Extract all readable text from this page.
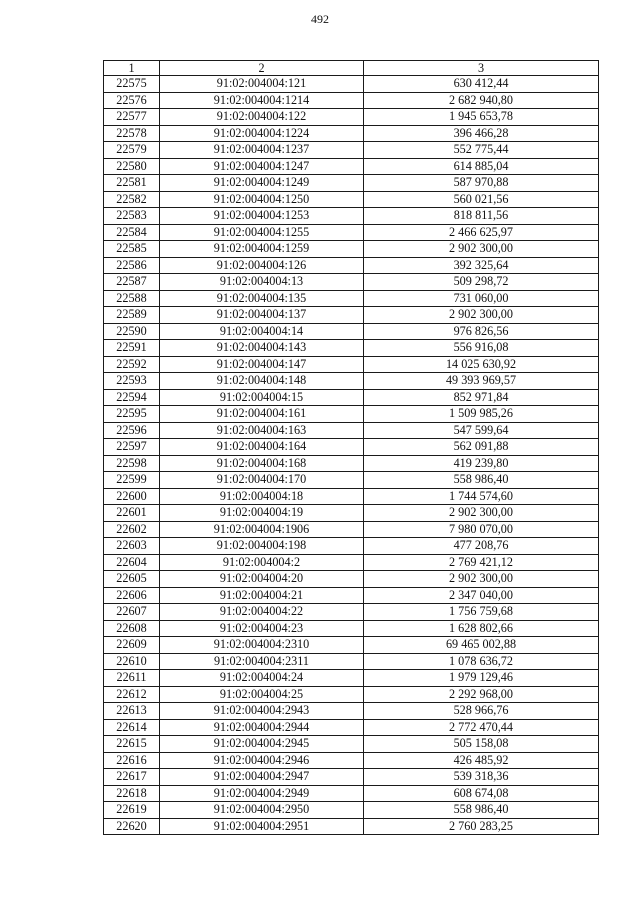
492
1	2	3
22575	91:02:004004:121	630 412,44
22576	91:02:004004:1214	2 682 940,80
22577	91:02:004004:122	1 945 653,78
22578	91:02:004004:1224	396 466,28
22579	91:02:004004:1237	552 775,44
22580	91:02:004004:1247	614 885,04
22581	91:02:004004:1249	587 970,88
22582	91:02:004004:1250	560 021,56
22583	91:02:004004:1253	818 811,56
22584	91:02:004004:1255	2 466 625,97
22585	91:02:004004:1259	2 902 300,00
22586	91:02:004004:126	392 325,64
22587	91:02:004004:13	509 298,72
22588	91:02:004004:135	731 060,00
22589	91:02:004004:137	2 902 300,00
22590	91:02:004004:14	976 826,56
22591	91:02:004004:143	556 916,08
22592	91:02:004004:147	14 025 630,92
22593	91:02:004004:148	49 393 969,57
22594	91:02:004004:15	852 971,84
22595	91:02:004004:161	1 509 985,26
22596	91:02:004004:163	547 599,64
22597	91:02:004004:164	562 091,88
22598	91:02:004004:168	419 239,80
22599	91:02:004004:170	558 986,40
22600	91:02:004004:18	1 744 574,60
22601	91:02:004004:19	2 902 300,00
22602	91:02:004004:1906	7 980 070,00
22603	91:02:004004:198	477 208,76
22604	91:02:004004:2	2 769 421,12
22605	91:02:004004:20	2 902 300,00
22606	91:02:004004:21	2 347 040,00
22607	91:02:004004:22	1 756 759,68
22608	91:02:004004:23	1 628 802,66
22609	91:02:004004:2310	69 465 002,88
22610	91:02:004004:2311	1 078 636,72
22611	91:02:004004:24	1 979 129,46
22612	91:02:004004:25	2 292 968,00
22613	91:02:004004:2943	528 966,76
22614	91:02:004004:2944	2 772 470,44
22615	91:02:004004:2945	505 158,08
22616	91:02:004004:2946	426 485,92
22617	91:02:004004:2947	539 318,36
22618	91:02:004004:2949	608 674,08
22619	91:02:004004:2950	558 986,40
22620	91:02:004004:2951	2 760 283,25
